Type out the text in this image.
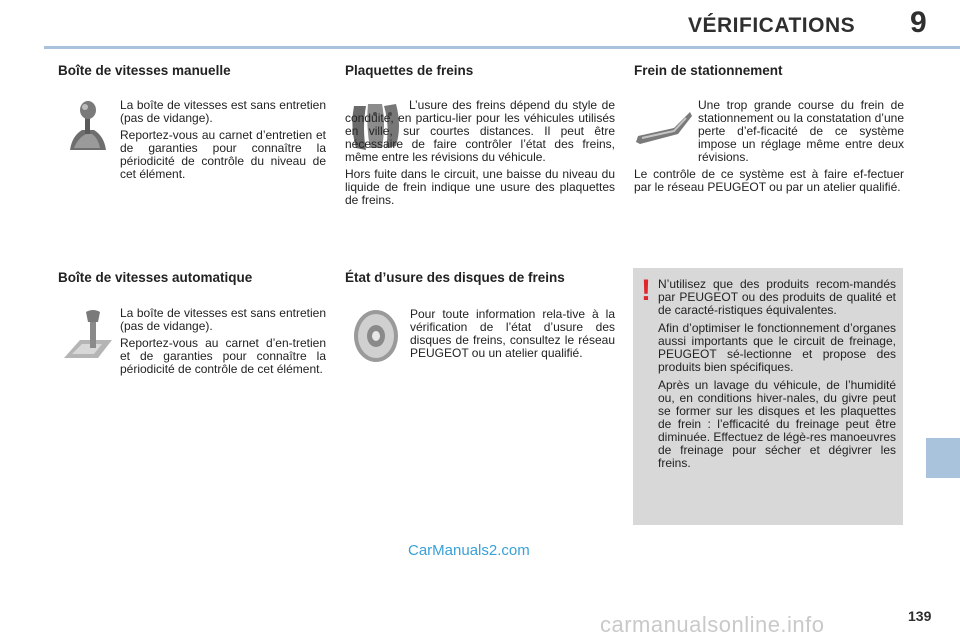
VÉRIFICATIONS 9
Boîte de vitesses manuelle

La boîte de vitesses est sans entretien (pas de vidange).

Reportez-vous au carnet d’entretien et de garanties pour connaître la périodicité de contrôle du niveau de cet élément.

Boîte de vitesses automatique

La boîte de vitesses est sans entretien (pas de vidange).

Reportez-vous au carnet d’en-tretien et de garanties pour connaître la périodicité de contrôle de cet élément.

Plaquettes de freins

L’usure des freins dépend du style de conduite, en particu-lier pour les véhicules utilisés en ville, sur courtes distances. Il peut être nécessaire de faire contrôler l’état des freins, même entre les révisions du véhicule.

Hors fuite dans le circuit, une baisse du niveau du liquide de frein indique une usure des plaquettes de freins.

État d’usure des disques de freins

Pour toute information rela-tive à la vérification de l’état d’usure des disques de freins, consultez le réseau PEUGEOT ou un atelier qualifié.

Frein de stationnement

Une trop grande course du frein de stationnement ou la constatation d’une perte d’ef-ficacité de ce système impose un réglage même entre deux révisions.

Le contrôle de ce système est à faire ef-fectuer par le réseau PEUGEOT ou par un atelier qualifié.

! N’utilisez que des produits recom-mandés par PEUGEOT ou des produits de qualité et de caracté-ristiques équivalentes.

Afin d’optimiser le fonctionnement d’organes aussi importants que le circuit de freinage, PEUGEOT sé-lectionne et propose des produits bien spécifiques.

Après un lavage du véhicule, de l’humidité ou, en conditions hiver-nales, du givre peut se former sur les disques et les plaquettes de frein : l’efficacité du freinage peut être diminuée. Effectuez de légè-res manoeuvres de freinage pour sécher et dégivrer les freins.

CarManuals2.com
carmanualsonline.info	139
